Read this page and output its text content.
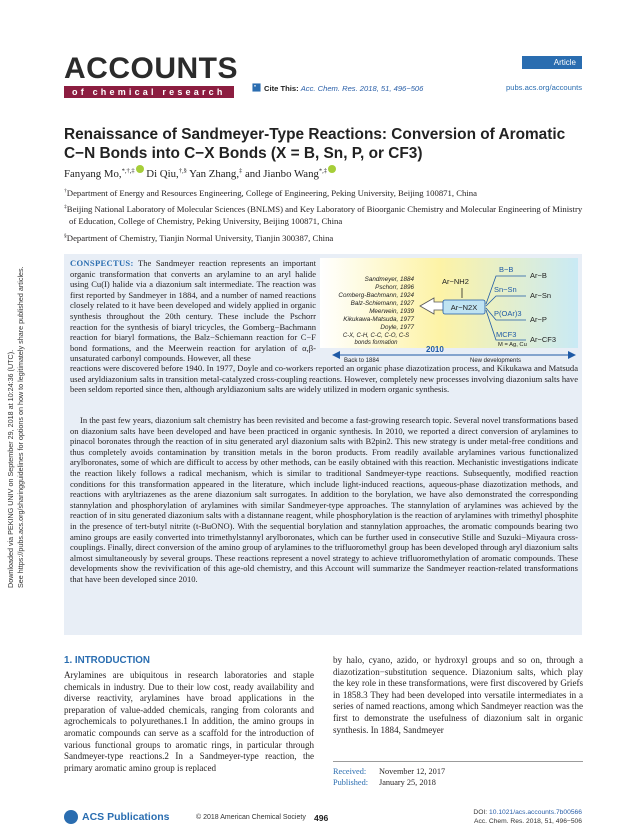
Downloaded via PEKING UNIV on September 29, 2018 at 10:24:36 (UTC). See https://pubs.acs.org/sharingguidelines for options on how to legitimately share published articles.
ACCOUNTS
of chemical research	" Cite This: Acc. Chem. Res. 2018, 51, 496−506
Article
pubs.acs.org/accounts
Renaissance of Sandmeyer-Type Reactions: Conversion of Aromatic C−N Bonds into C−X Bonds (X = B, Sn, P, or CF3)
Fanyang Mo,*,†,‡ Di Qiu,†,§ Yan Zhang,‡ and Jianbo Wang*,‡

†Department of Energy and Resources Engineering, College of Engineering, Peking University, Beijing 100871, China

‡Beijing National Laboratory of Molecular Sciences (BNLMS) and Key Laboratory of Bioorganic Chemistry and Molecular Engineering of Ministry of Education, College of Chemistry, Peking University, Beijing 100871, China

§Department of Chemistry, Tianjin Normal University, Tianjin 300387, China

CONSPECTUS: The Sandmeyer reaction represents an important organic transformation that converts an arylamine to an aryl halide using Cu(I) halide via a diazonium salt intermediate. The reaction was first reported by Sandmeyer in 1884, and a number of named reactions closely related to it have been developed and widely applied in organic synthesis throughout the 20th century. These include the Pschorr reaction for the synthesis of biaryl tricycles, the Gomberg−Bachmann reaction for biaryl formations, the Balz−Schiemann reaction for C−F bond formations, and the Meerwein reaction for arylation of α,β-unsaturated carbonyl compounds. However, all these
Sandmeyer, 1884
Pschorr, 1896
Comberg-Bachmann, 1924
Balz-Schiemann, 1927
Meerwein, 1939
Kikukawa-Matsuda, 1977
Doyle, 1977
C-X, C-H, C-C, C-O, C-S
bonds formation
Ar−NH2
Ar−N2X
B−B
Sn−Sn
P(OAr)3
MCF3
Ar−B
Ar−Sn
Ar−P
Ar−CF3
M = Ag, Cu
Back to 1884
2010
New developments
reactions were discovered before 1940. In 1977, Doyle and co-workers reported an organic phase diazotization process, and Kikukawa and Matsuda used aryldiazonium salts in transition metal-catalyzed cross-coupling reactions. However, completely new processes involving diazonium salts have been seldom reported since then, although aryldiazonium salts are widely utilized in modern organic synthesis.
In the past few years, diazonium salt chemistry has been revisited and become a fast-growing research topic. Several novel transformations based on diazonium salts have been developed and have been practiced in organic synthesis. In 2010, we reported a direct conversion of arylamines to pinacol boronates through the reaction of in situ generated aryl diazonium salts with B2pin2. This new strategy is under metal-free conditions and thus completely avoids contamination by transition metals in the boron products. From readily available arylamines various functionalized arylboronates, some of which are difficult to access by other methods, can be easily obtained with this reaction. Mechanistic investigations indicate the reaction likely follows a radical mechanism, which is similar to traditional Sandmeyer-type reactions. Subsequently, modified reaction conditions for this transformation appeared in the literature, which include light-induced reactions, aqueous-phase diazotization methods, and reactions with aryltriazenes as the arene diazonium salt surrogates. In addition to the borylation, we have also demonstrated the corresponding stannylation and phosphorylation of arylamines with similar Sandmeyer-type approaches. The stannylation of arylamines was achieved by the reaction of in situ generated diazonium salts with a distannane reagent, while phosphorylation is the reaction of arylamines with trimethyl phosphite in the presence of tert-butyl nitrite (t-BuONO). With the sequential borylation and stannylation approaches, the aromatic compounds bearing two amino groups are easily converted into trimethylstannyl arylboronates, which can be further used in consecutive Stille and Suzuki−Miyaura cross-couplings. Finally, direct conversion of the amino group of arylamines to the trifluoromethyl group has been developed through aryl diazonium salts almost simultaneously by several groups. These reactions represent a novel strategy to achieve trifluoromethylation of aromatic compounds. These developments show the revivification of this age-old chemistry, and this Account will summarize the Sandmeyer reaction-related transformations that have been developed since 2010.
1. INTRODUCTION
Arylamines are ubiquitous in research laboratories and staple chemicals in industry. Due to their low cost, ready availability and diverse reactivity, arylamines have broad applications in the preparation of value-added chemicals, ranging from colorants and agrochemicals to polyurethanes.1 In addition, the amino groups in aromatic compounds can serve as a scaffold for the introduction of various functional groups to aromatic rings, in particular through Sandmeyer-type reactions.2 In a Sandmeyer-type reaction, the primary aromatic amino group is replaced
by halo, cyano, azido, or hydroxyl groups and so on, through a diazotization−substitution sequence. Diazonium salts, which play the key role in these transformations, were first discovered by Griefs in 1858.3 They had been developed into versatile intermediates in a series of named reactions, among which Sandmeyer reaction was the first to demonstrate the usefulness of diazonium salt in organic synthesis. In 1884, Sandmeyer
Received: November 12, 2017
Published: January 25, 2018
ACS Publications	© 2018 American Chemical Society 496
DOI: 10.1021/acs.accounts.7b00566
Acc. Chem. Res. 2018, 51, 496−506
